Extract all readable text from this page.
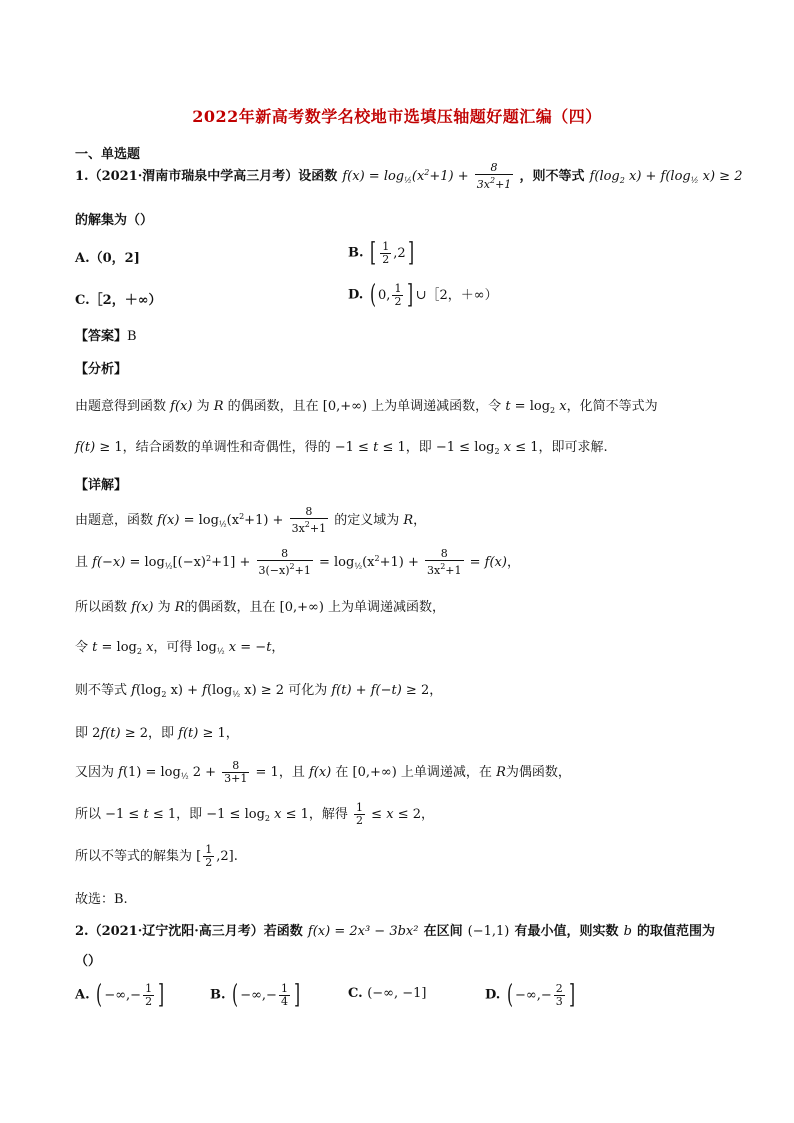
2022年新高考数学名校地市选填压轴题好题汇编（四）
一、单选题
1.（2021·渭南市瑞泉中学高三月考）设函数 $f(x) = \log_{\frac{1}{2}}(x^2+1) + \frac{8}{3x^2+1}$ ，则不等式 $f(\log_2$ $x) + f(\log_{\frac{1}{2}}$ x) ≥ 2
的解集为（）
A.（0，2]	B. [ $\frac{1}{2} ,2$]
C.［2，＋∞）	D. ( 0, $\frac{1}{2}$ ] ∪［2，＋∞）
【答案】B
【分析】
由题意得到函数 f(x) 为 R 的偶函数，且在 [0,+∞) 上为单调递减函数，令 $t = \log_2 x$，化简不等式为
f(t) ≥ 1，结合函数的单调性和奇偶性，得的 −1 ≤ t ≤ 1，即 $-1 \le \log_2 x \le 1$，即可求解.
【详解】
由题意，函数 $f(x) = \log_{\frac{1}{2}}(x^2+1) + \frac{8}{3x^2+1}$ 的定义域为 R，
且 $f(-x) = \log_{\frac{1}{2}}[(-x)^2+1] + \frac{8}{3(-x)^2+1} = \log_{\frac{1}{2}}(x^2+1) + \frac{8}{3x^2+1} = f(x)$，
所以函数 f(x) 为 R的偶函数，且在 [0,+∞) 上为单调递减函数，
令 $t = \log_2 x$，可得 $\log_{\frac{1}{2}} x = -t$，
则不等式 $f(\log_2$ $x) + f(\log_{\frac{1}{2}}$ x) ≥ 2 可化为 f(t) + f(−t) ≥ 2，
即 2f(t) ≥ 2，即 f(t) ≥ 1，
又因为 $f(1) = \log_{\frac{1}{2}} 2 + \frac{8}{3+1} = 1$，且 f(x) 在 [0,+∞) 上单调递减，在 R为偶函数，
所以 −1 ≤ t ≤ 1，即 $-1 \le \log_2 x \le 1$，解得 $\frac{1}{2} \le x \le 2$，
所以不等式的解集为 [ $\frac{1}{2} ,2$].
故选：B.
2.（2021·辽宁沈阳·高三月考）若函数 f(x) = 2x³ − 3bx² 在区间 (−1,1) 有最小值，则实数 b 的取值范围为
（）
A. ( −∞,− $\frac{1}{2}$ ]	B. ( −∞,− $\frac{1}{4}$ ]	C. (−∞, −1]	D. ( −∞,− $\frac{2}{3}$ ]
